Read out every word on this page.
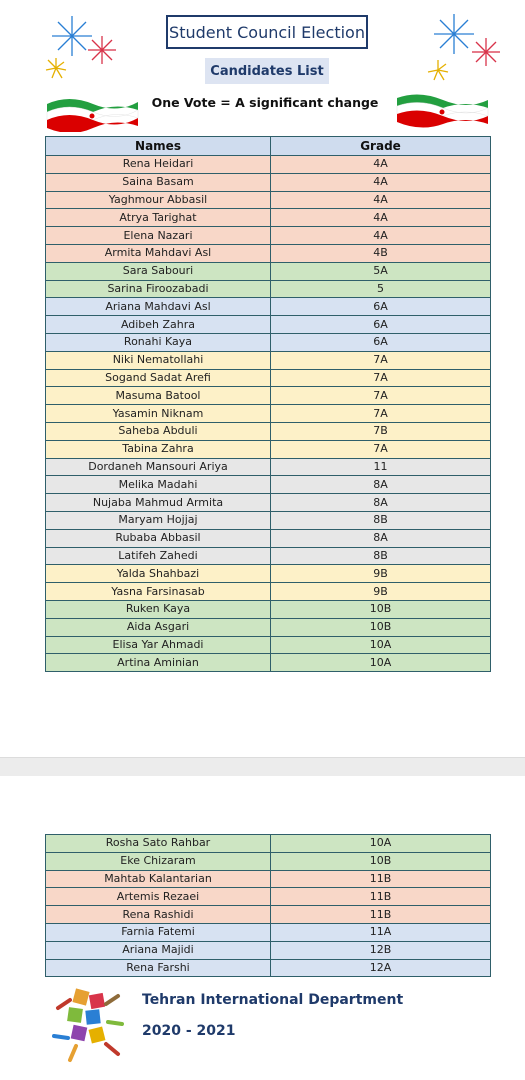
Student Council Election
Candidates List
One Vote = A significant change
Names	Grade
Rena Heidari	4A
Saina Basam	4A
Yaghmour Abbasil	4A
Atrya Tarighat	4A
Elena Nazari	4A
Armita Mahdavi Asl	4B
Sara Sabouri	5A
Sarina Firoozabadi	5
Ariana Mahdavi Asl	6A
Adibeh Zahra	6A
Ronahi Kaya	6A
Niki Nematollahi	7A
Sogand Sadat Arefi	7A
Masuma Batool	7A
Yasamin Niknam	7A
Saheba Abduli	7B
Tabina Zahra	7A
Dordaneh Mansouri Ariya	11
Melika Madahi	8A
Nujaba Mahmud Armita	8A
Maryam Hojjaj	8B
Rubaba Abbasil	8A
Latifeh Zahedi	8B
Yalda Shahbazi	9B
Yasna Farsinasab	9B
Ruken Kaya	10B
Aida Asgari	10B
Elisa Yar Ahmadi	10A
Artina Aminian	10A
Rosha Sato Rahbar	10A
Eke Chizaram	10B
Mahtab Kalantarian	11B
Artemis Rezaei	11B
Rena Rashidi	11B
Farnia Fatemi	11A
Ariana Majidi	12B
Rena Farshi	12A
Tehran International Department
2020 - 2021
